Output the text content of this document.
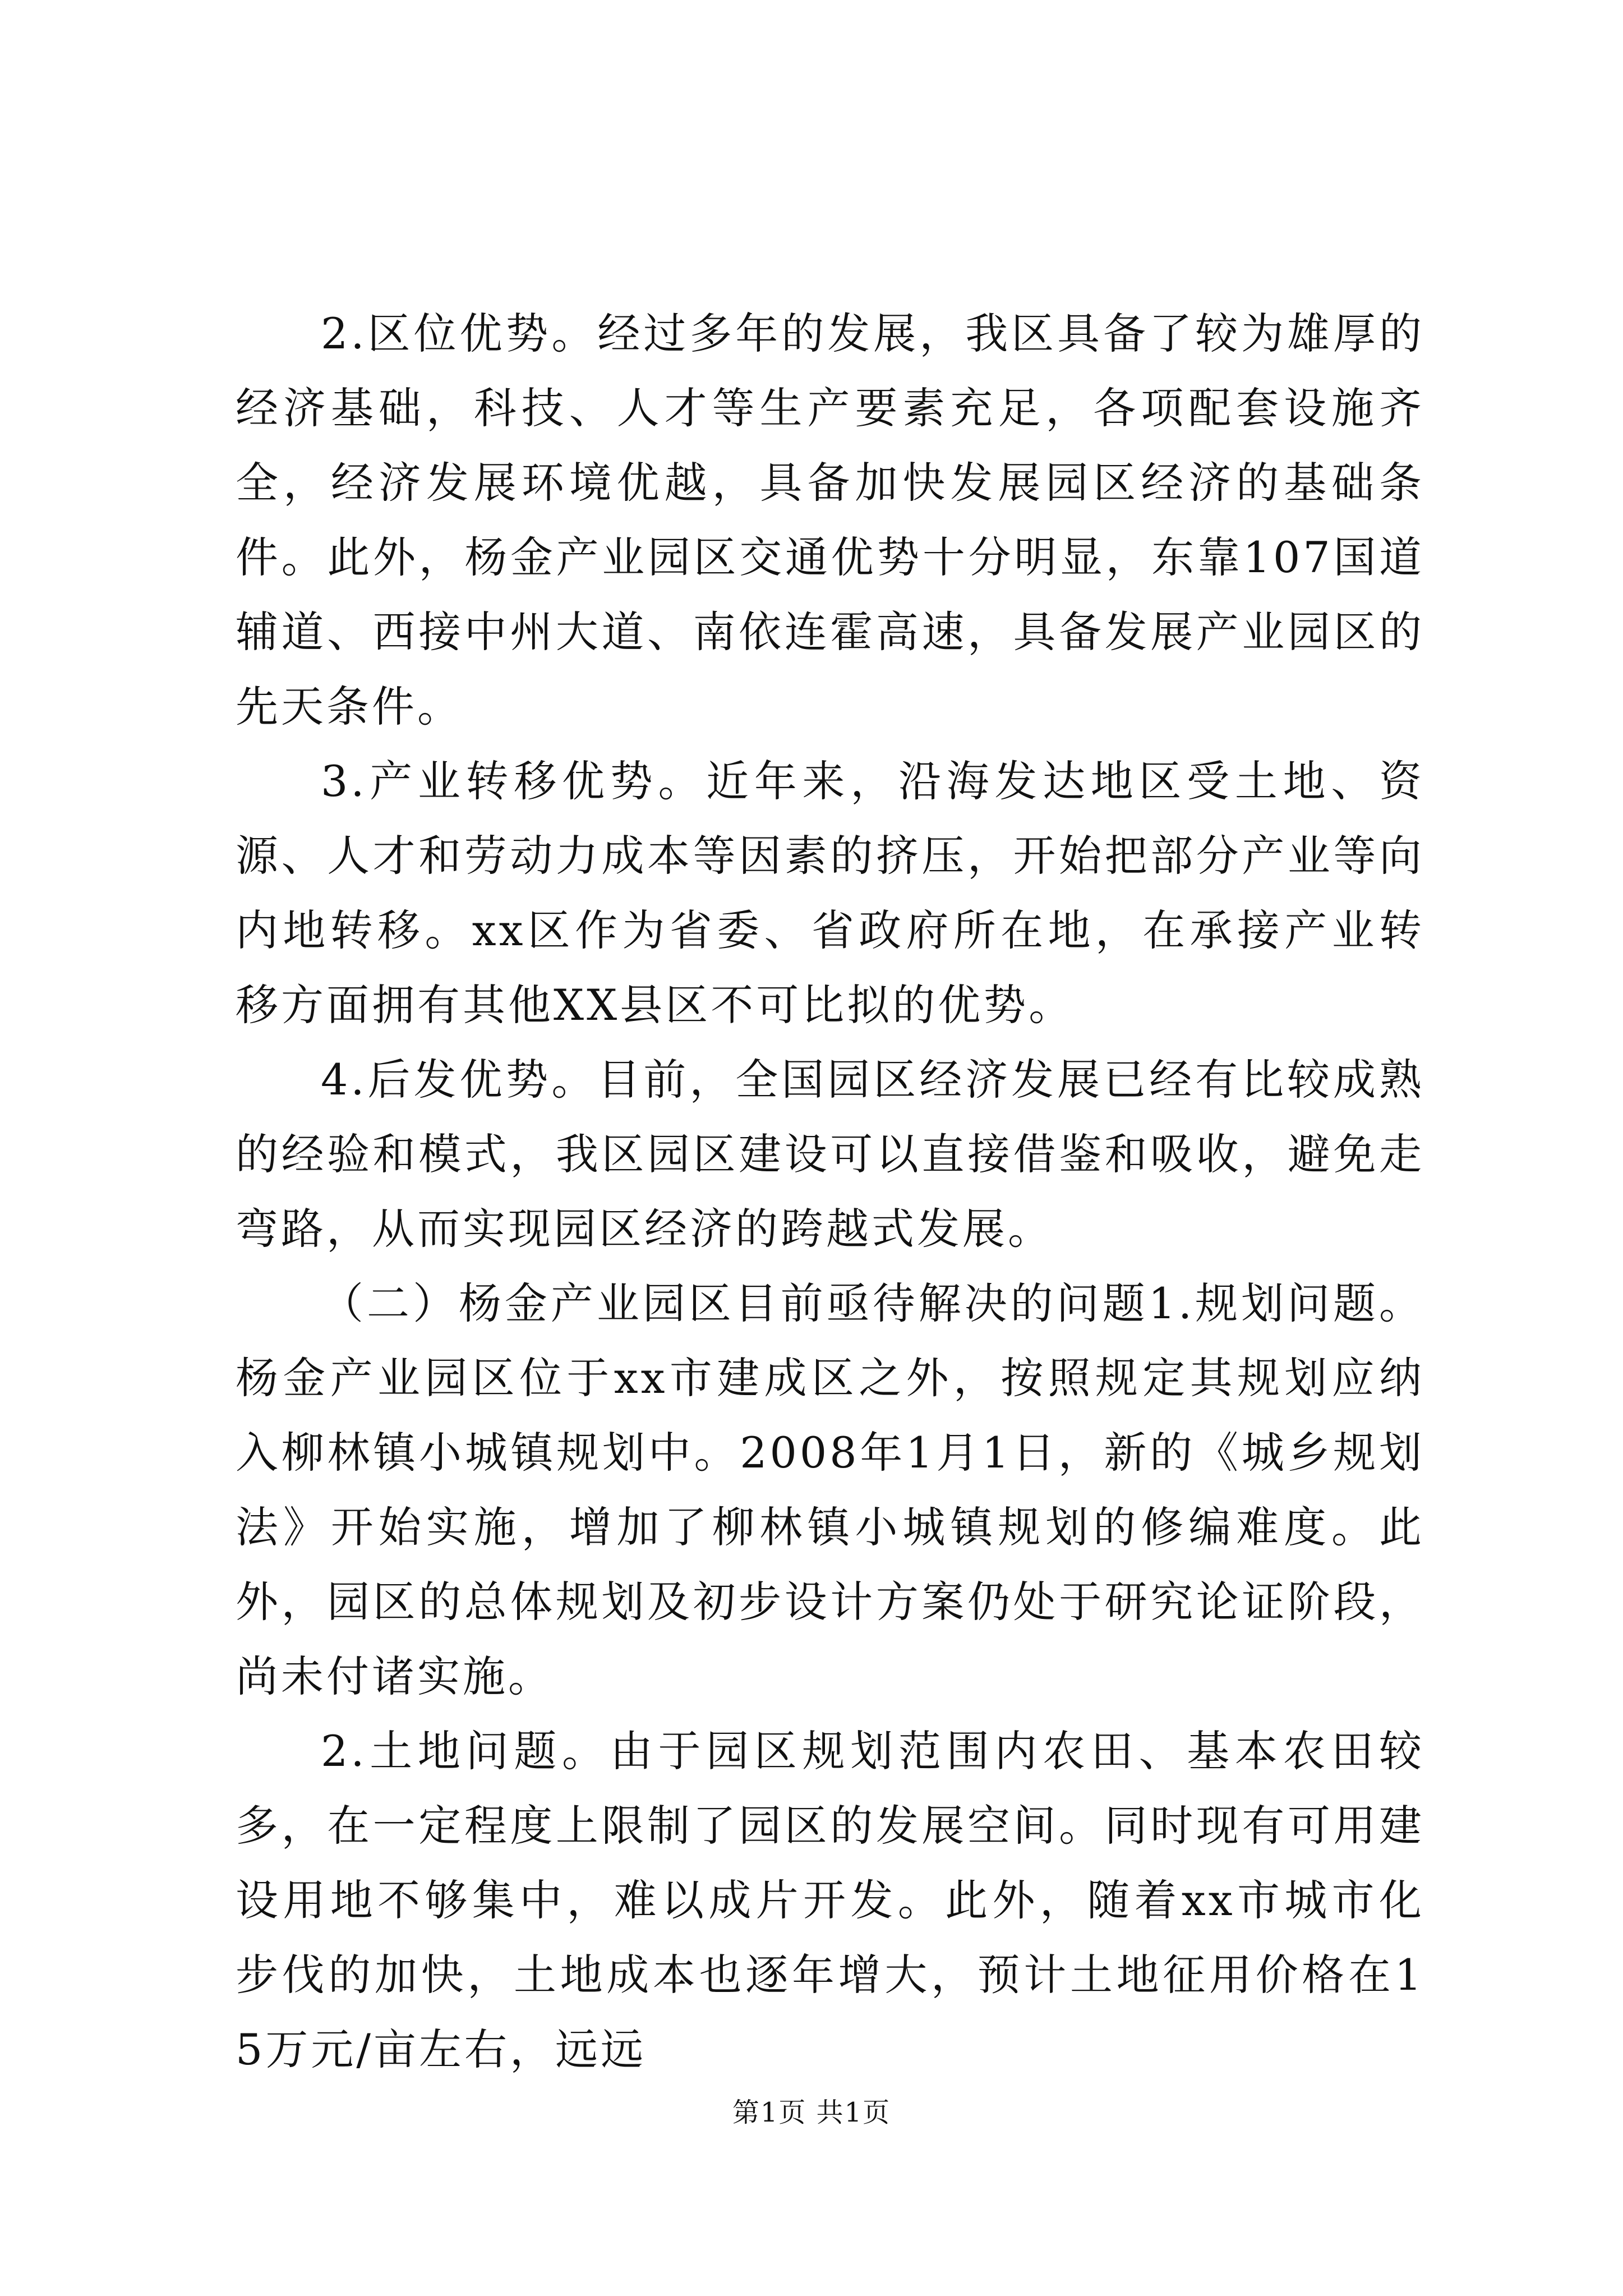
2.区位优势。经过多年的发展，我区具备了较为雄厚的经济基础，科技、人才等生产要素充足，各项配套设施齐全，经济发展环境优越，具备加快发展园区经济的基础条件。此外，杨金产业园区交通优势十分明显，东靠107国道辅道、西接中州大道、南依连霍高速，具备发展产业园区的先天条件。

3.产业转移优势。近年来，沿海发达地区受土地、资源、人才和劳动力成本等因素的挤压，开始把部分产业等向内地转移。xx区作为省委、省政府所在地，在承接产业转移方面拥有其他XX县区不可比拟的优势。

4.后发优势。目前，全国园区经济发展已经有比较成熟的经验和模式，我区园区建设可以直接借鉴和吸收，避免走弯路，从而实现园区经济的跨越式发展。

（二）杨金产业园区目前亟待解决的问题1.规划问题。杨金产业园区位于xx市建成区之外，按照规定其规划应纳入柳林镇小城镇规划中。2008年1月1日，新的《城乡规划法》开始实施，增加了柳林镇小城镇规划的修编难度。此外，园区的总体规划及初步设计方案仍处于研究论证阶段，尚未付诸实施。

2.土地问题。由于园区规划范围内农田、基本农田较多，在一定程度上限制了园区的发展空间。同时现有可用建设用地不够集中，难以成片开发。此外，随着xx市城市化步伐的加快，土地成本也逐年增大，预计土地征用价格在15万元/亩左右，远远

第1页 共1页
